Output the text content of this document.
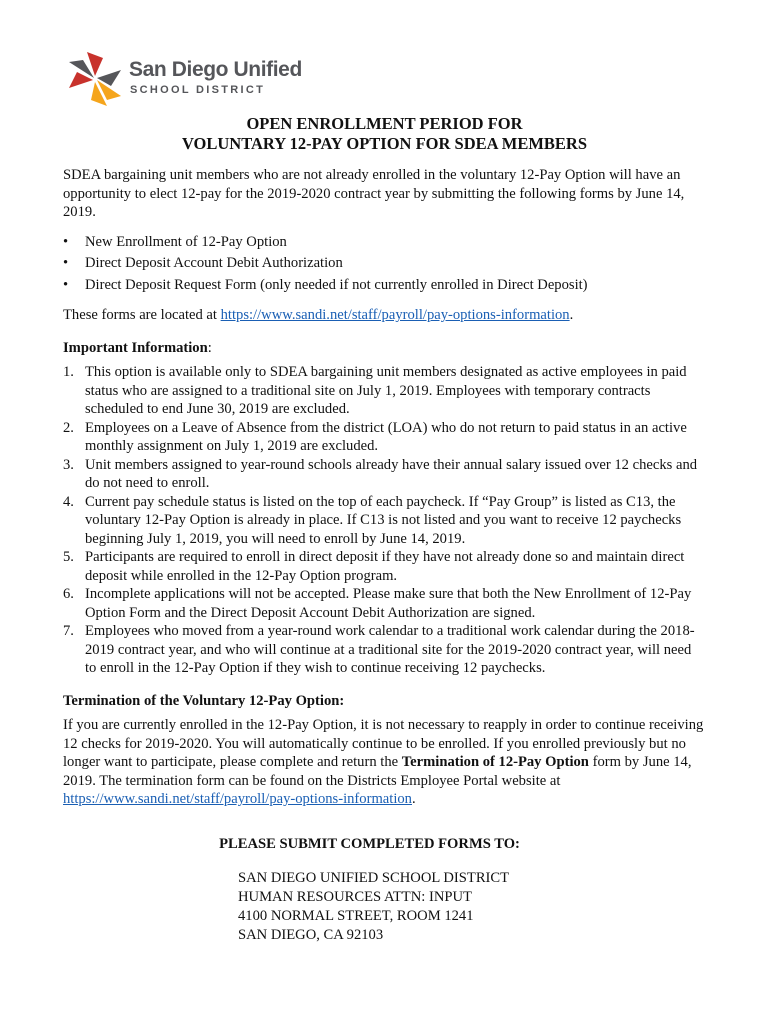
San Diego Unified
SCHOOL DISTRICT
OPEN ENROLLMENT PERIOD FOR
VOLUNTARY 12-PAY OPTION FOR SDEA MEMBERS

SDEA bargaining unit members who are not already enrolled in the voluntary 12-Pay Option will have an opportunity to elect 12-pay for the 2019-2020 contract year by submitting the following forms by June 14, 2019.

• New Enrollment of 12-Pay Option
• Direct Deposit Account Debit Authorization
• Direct Deposit Request Form (only needed if not currently enrolled in Direct Deposit)

These forms are located at https://www.sandi.net/staff/payroll/pay-options-information.

Important Information:

1. This option is available only to SDEA bargaining unit members designated as active employees in paid status who are assigned to a traditional site on July 1, 2019. Employees with temporary contracts scheduled to end June 30, 2019 are excluded.
2. Employees on a Leave of Absence from the district (LOA) who do not return to paid status in an active monthly assignment on July 1, 2019 are excluded.
3. Unit members assigned to year-round schools already have their annual salary issued over 12 checks and do not need to enroll.
4. Current pay schedule status is listed on the top of each paycheck. If “Pay Group” is listed as C13, the voluntary 12-Pay Option is already in place. If C13 is not listed and you want to receive 12 paychecks beginning July 1, 2019, you will need to enroll by June 14, 2019.
5. Participants are required to enroll in direct deposit if they have not already done so and maintain direct deposit while enrolled in the 12-Pay Option program.
6. Incomplete applications will not be accepted. Please make sure that both the New Enrollment of 12-Pay Option Form and the Direct Deposit Account Debit Authorization are signed.
7. Employees who moved from a year-round work calendar to a traditional work calendar during the 2018-2019 contract year, and who will continue at a traditional site for the 2019-2020 contract year, will need to enroll in the 12-Pay Option if they wish to continue receiving 12 paychecks.

Termination of the Voluntary 12-Pay Option:

If you are currently enrolled in the 12-Pay Option, it is not necessary to reapply in order to continue receiving 12 checks for 2019-2020. You will automatically continue to be enrolled. If you enrolled previously but no longer want to participate, please complete and return the Termination of 12-Pay Option form by June 14, 2019. The termination form can be found on the Districts Employee Portal website at https://www.sandi.net/staff/payroll/pay-options-information.

PLEASE SUBMIT COMPLETED FORMS TO:

SAN DIEGO UNIFIED SCHOOL DISTRICT
HUMAN RESOURCES ATTN: INPUT
4100 NORMAL STREET, ROOM 1241
SAN DIEGO, CA 92103
